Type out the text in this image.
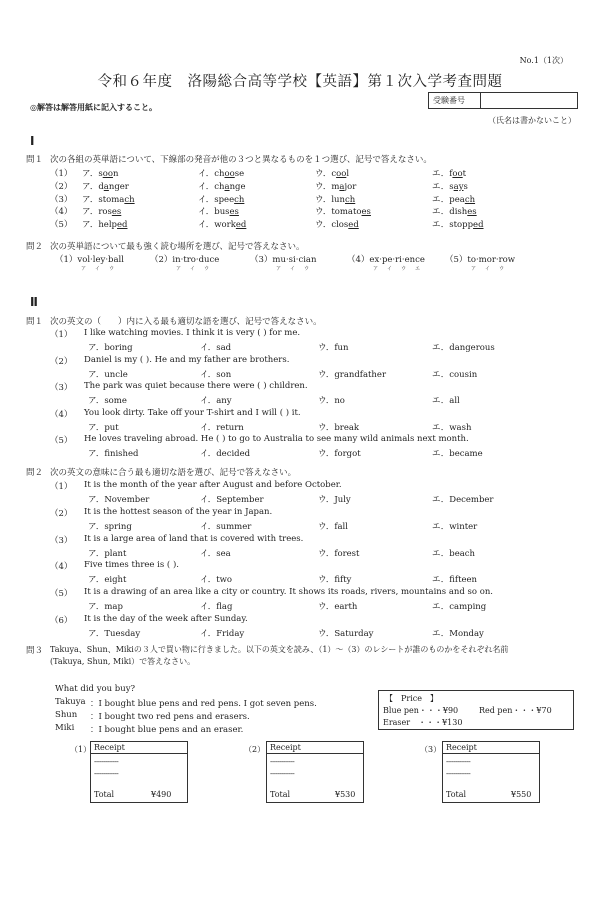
No.1（1次）
令和６年度　洛陽総合高等学校【英語】第１次入学考査問題
◎解答は解答用紙に記入すること。
受験番号
（氏名は書かないこと）
Ⅰ
問１ 次の各組の英単語について、下線部の発音が他の３つと異なるものを１つ選び、記号で答えなさい。
（1） ア．soon	イ．choose	ウ．cool	エ．foot
（2） ア．danger	イ．change	ウ．major	エ．says
（3） ア．stomach	イ．speech	ウ．lunch	エ．peach
（4） ア．roses	イ．buses	ウ．tomatoes	エ．dishes
（5） ア．helped	イ．worked	ウ．closed	エ．stopped
問２ 次の英単語について最も強く読む場所を選び、記号で答えなさい。
（1）vol·ley·ball
ア　イ　ウ
（2）in·tro·duce
ア　イ　ウ
（3）mu·si·cian
ア　イ　ウ
（4）ex·pe·ri·ence
ア　イ　ウ　エ
（5）to·mor·row
ア　イ　ウ
Ⅱ
問１ 次の英文の（　　）内に入る最も適切な語を選び、記号で答えなさい。
（1） I like watching movies. I think it is very ( ) for me.
ア．boring	イ．sad	ウ．fun	エ．dangerous
（2） Daniel is my ( ). He and my father are brothers.
ア．uncle	イ．son	ウ．grandfather	エ．cousin
（3） The park was quiet because there were ( ) children.
ア．some	イ．any	ウ．no	エ．all
（4） You look dirty. Take off your T-shirt and I will ( ) it.
ア．put	イ．return	ウ．break	エ．wash
（5） He loves traveling abroad. He ( ) to go to Australia to see many wild animals next month.
ア．finished	イ．decided	ウ．forgot	エ．became
問２ 次の英文の意味に合う最も適切な語を選び、記号で答えなさい。
（1） It is the month of the year after August and before October.
ア．November	イ．September	ウ．July	エ．December
（2） It is the hottest season of the year in Japan.
ア．spring	イ．summer	ウ．fall	エ．winter
（3） It is a large area of land that is covered with trees.
ア．plant	イ．sea	ウ．forest	エ．beach
（4） Five times three is ( ).
ア．eight	イ．two	ウ．fifty	エ．fifteen
（5） It is a drawing of an area like a city or country. It shows its roads, rivers, mountains and so on.
ア．map	イ．flag	ウ．earth	エ．camping
（6） It is the day of the week after Sunday.
ア．Tuesday	イ．Friday	ウ．Saturday	エ．Monday
問３ Takuya、Shun、Mikiの３人で買い物に行きました。以下の英文を読み、（1）〜（3）のレシートが誰のものかをそれぞれ名前
(Takuya, Shun, Miki）で答えなさい。
What did you buy?
Takuya ：I bought blue pens and red pens. I got seven pens.
Shun ：I bought two red pens and erasers.
Miki ：I bought blue pens and an eraser.
【　Price　】
Blue pen・・・¥90	Red pen・・・¥70
Eraser　・・・¥130
（1） Receipt
-------------
-------------
Total	¥490
（2） Receipt
-------------
-------------
Total	¥530
（3） Receipt
-------------
-------------
Total	¥550
